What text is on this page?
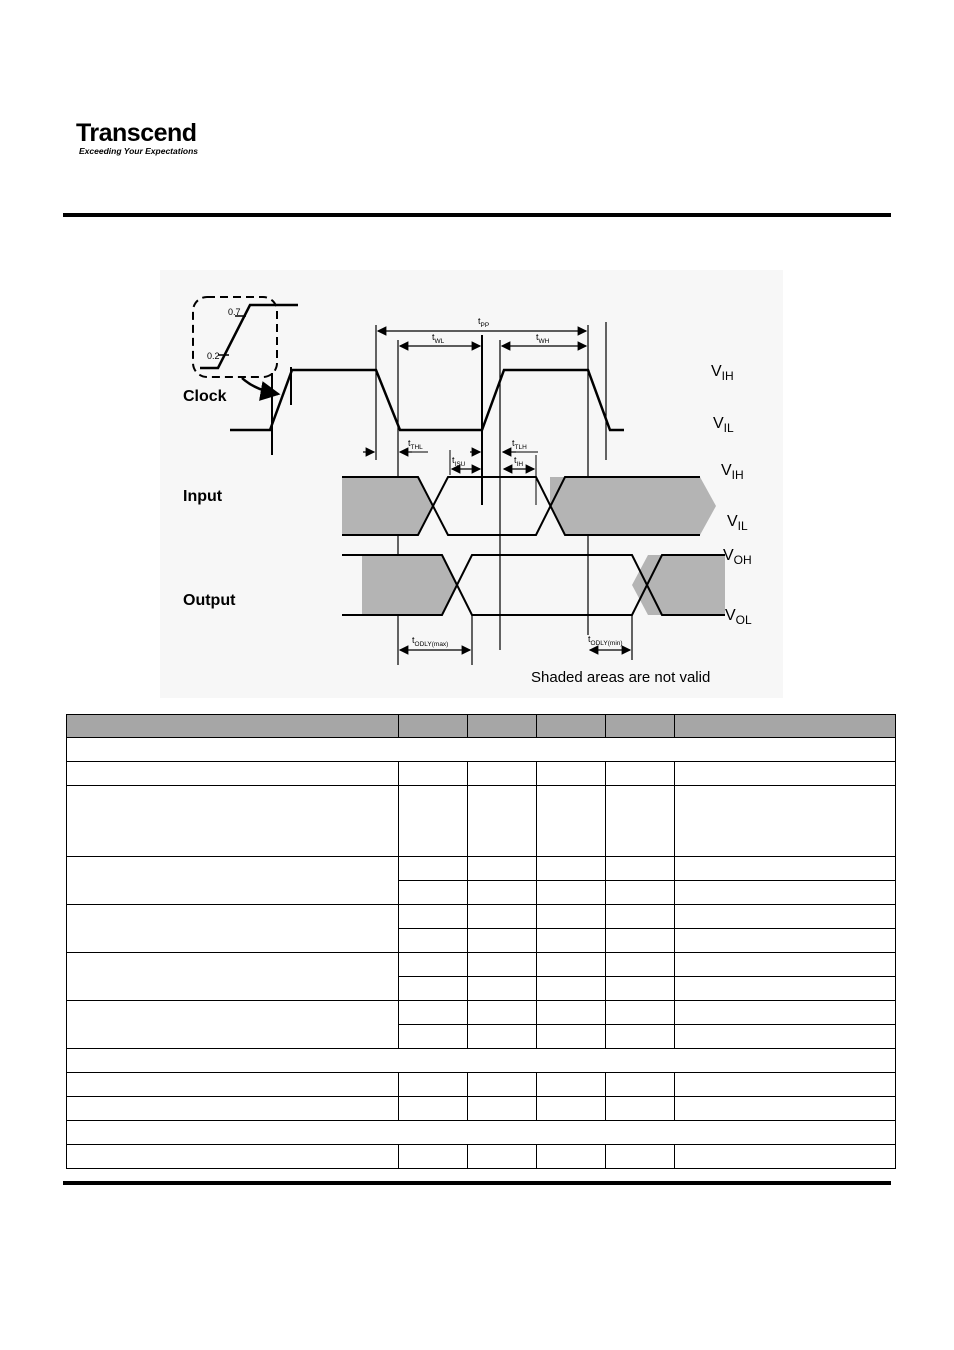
Transcend
Exceeding Your Expectations
0.7
0.2
$t_{PP}$
$t_{WL}$	$t_{WH}$
$t_{THL}$	$t_{TLH}$
$t_{ISU}$	$t_{IH}$
$t_{ODLY(max)}$
$t_{ODLY(min)}$
Clock
Input
Output
$V_{IH}$
$V_{IL}$
$V_{IH}$
$V_{IL}$
$V_{OH}$
$V_{OL}$
Shaded areas are not valid
